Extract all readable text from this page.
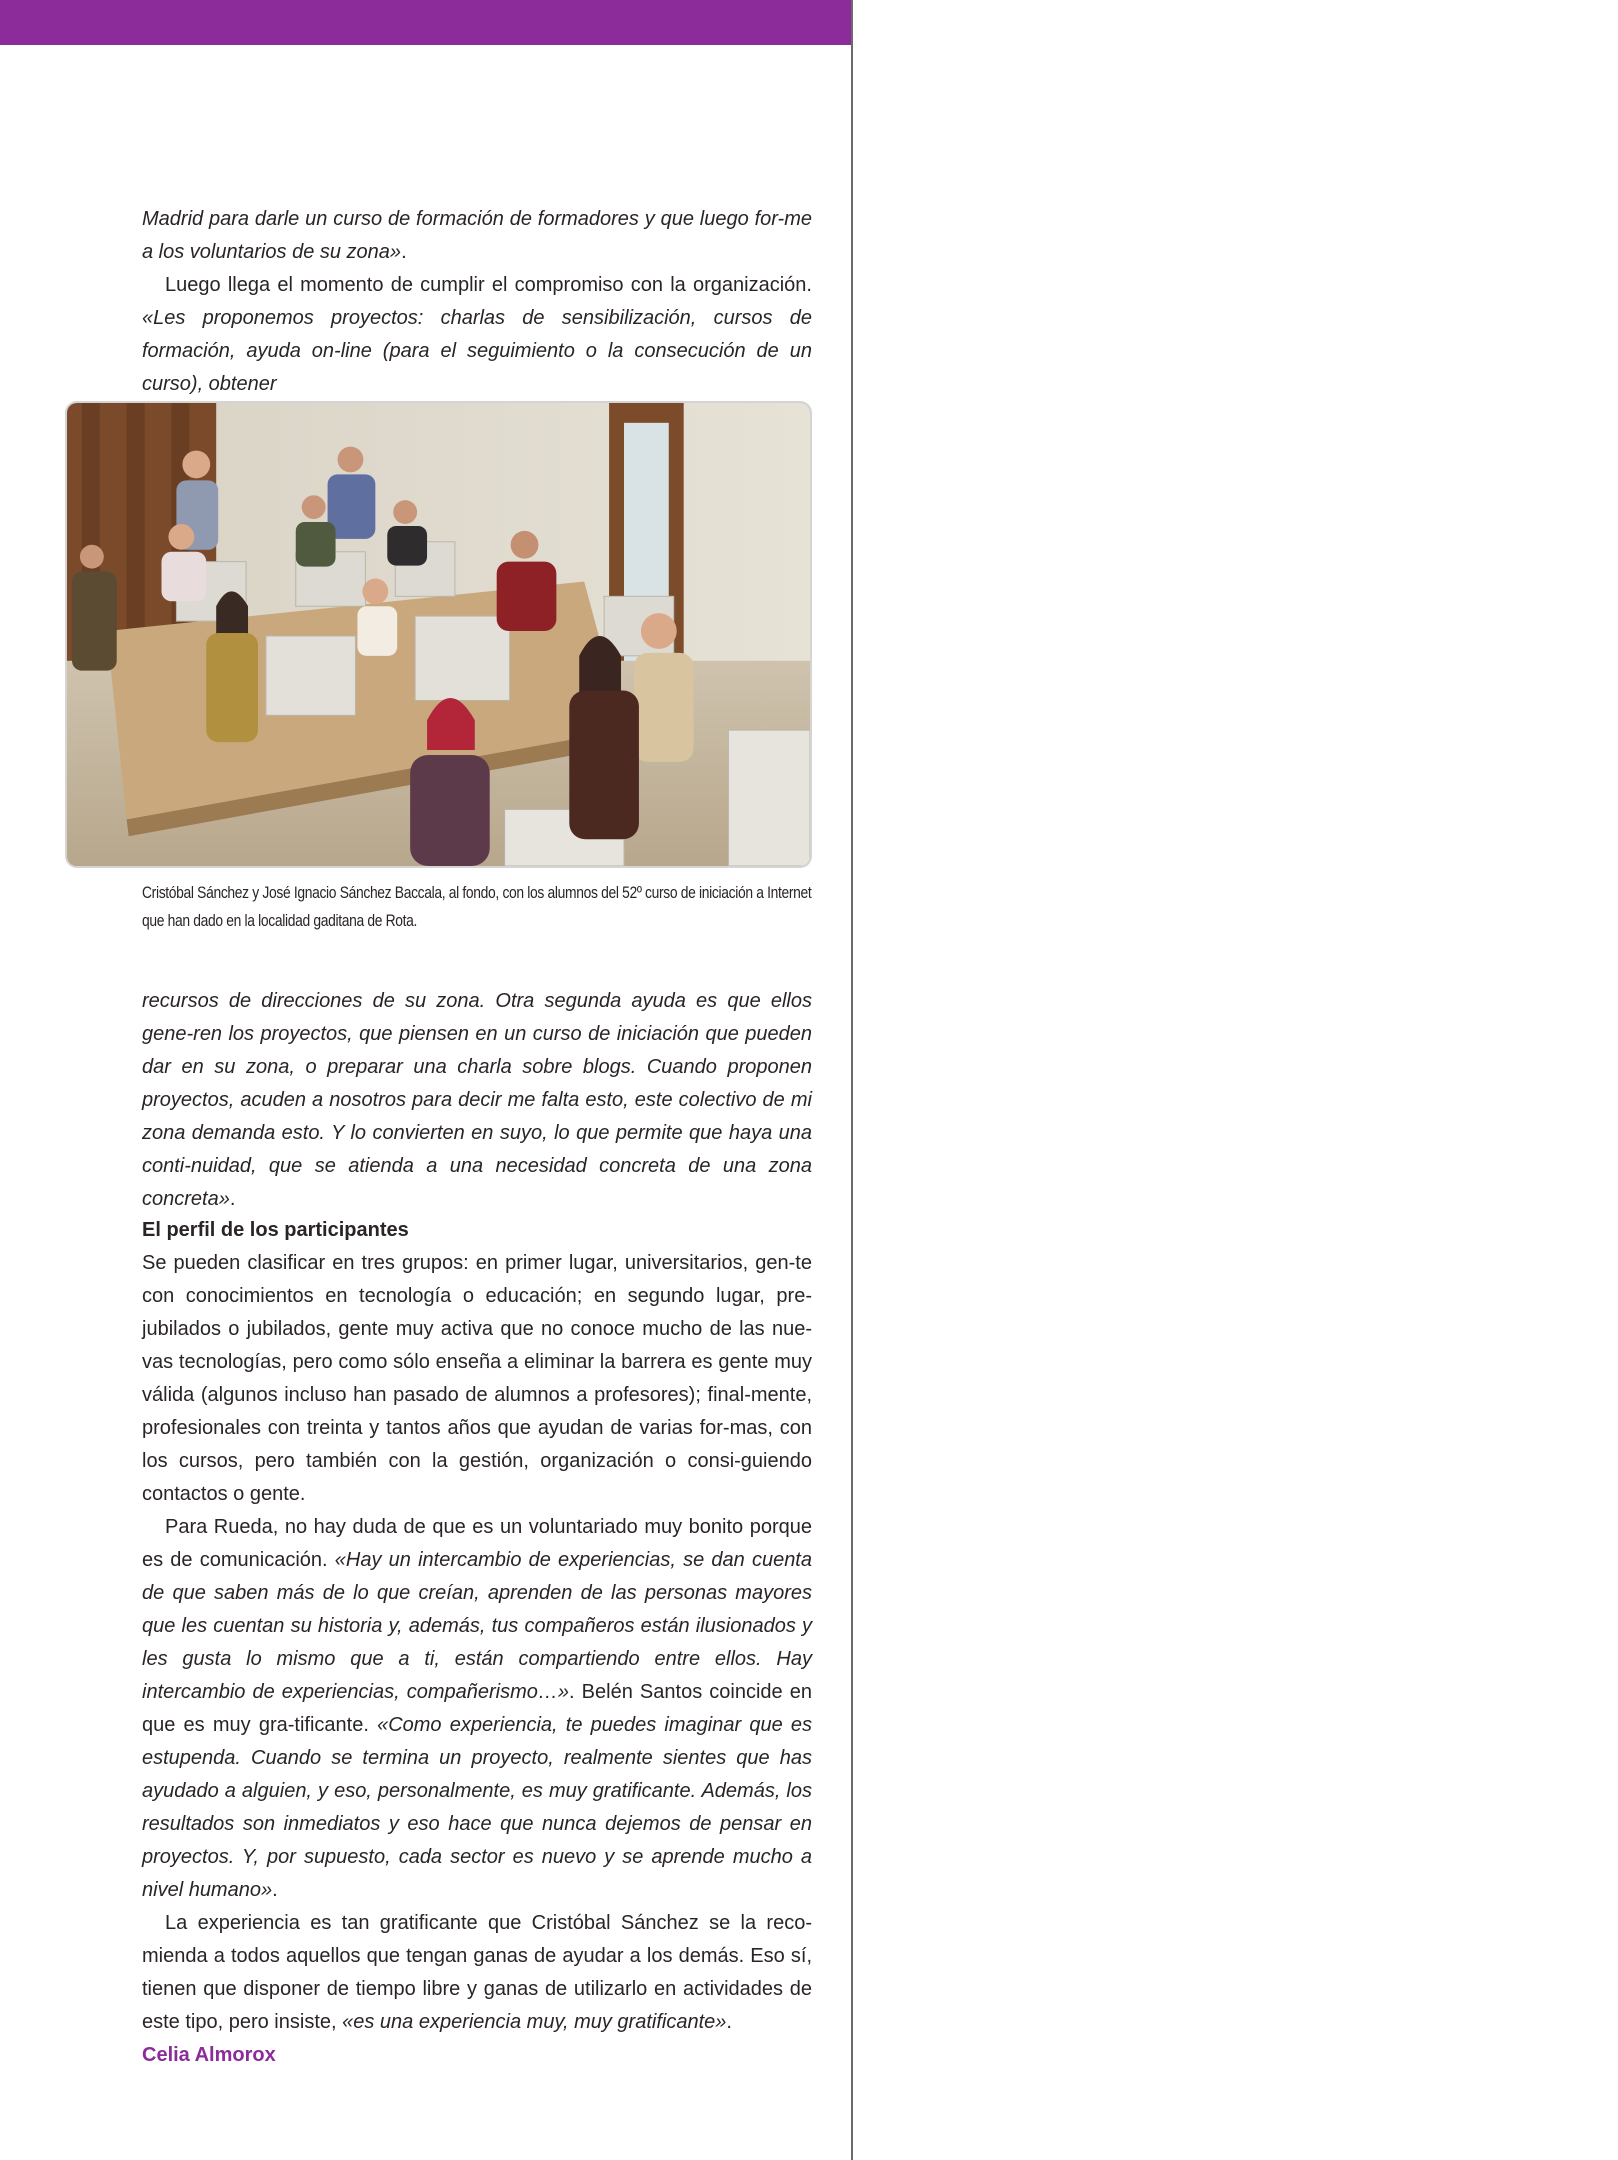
Madrid para darle un curso de formación de formadores y que luego for-me a los voluntarios de su zona».

Luego llega el momento de cumplir el compromiso con la organización. «Les proponemos proyectos: charlas de sensibilización, cursos de formación, ayuda on-line (para el seguimiento o la consecución de un curso), obtener

Cristóbal Sánchez y José Ignacio Sánchez Baccala, al fondo, con los alumnos del 52º curso de iniciación a Internet que han dado en la localidad gaditana de Rota.

recursos de direcciones de su zona. Otra segunda ayuda es que ellos gene-ren los proyectos, que piensen en un curso de iniciación que pueden dar en su zona, o preparar una charla sobre blogs. Cuando proponen proyectos, acuden a nosotros para decir me falta esto, este colectivo de mi zona demanda esto. Y lo convierten en suyo, lo que permite que haya una conti-nuidad, que se atienda a una necesidad concreta de una zona concreta».

El perfil de los participantes

Se pueden clasificar en tres grupos: en primer lugar, universitarios, gen-te con conocimientos en tecnología o educación; en segundo lugar, pre-jubilados o jubilados, gente muy activa que no conoce mucho de las nue-vas tecnologías, pero como sólo enseña a eliminar la barrera es gente muy válida (algunos incluso han pasado de alumnos a profesores); final-mente, profesionales con treinta y tantos años que ayudan de varias for-mas, con los cursos, pero también con la gestión, organización o consi-guiendo contactos o gente.

Para Rueda, no hay duda de que es un voluntariado muy bonito porque es de comunicación. «Hay un intercambio de experiencias, se dan cuenta de que saben más de lo que creían, aprenden de las personas mayores que les cuentan su historia y, además, tus compañeros están ilusionados y les gusta lo mismo que a ti, están compartiendo entre ellos. Hay intercambio de experiencias, compañerismo…». Belén Santos coincide en que es muy gra-tificante. «Como experiencia, te puedes imaginar que es estupenda. Cuando se termina un proyecto, realmente sientes que has ayudado a alguien, y eso, personalmente, es muy gratificante. Además, los resultados son inmediatos y eso hace que nunca dejemos de pensar en proyectos. Y, por supuesto, cada sector es nuevo y se aprende mucho a nivel humano».

La experiencia es tan gratificante que Cristóbal Sánchez se la reco-mienda a todos aquellos que tengan ganas de ayudar a los demás. Eso sí, tienen que disponer de tiempo libre y ganas de utilizarlo en actividades de este tipo, pero insiste, «es una experiencia muy, muy gratificante».

Celia Almorox
